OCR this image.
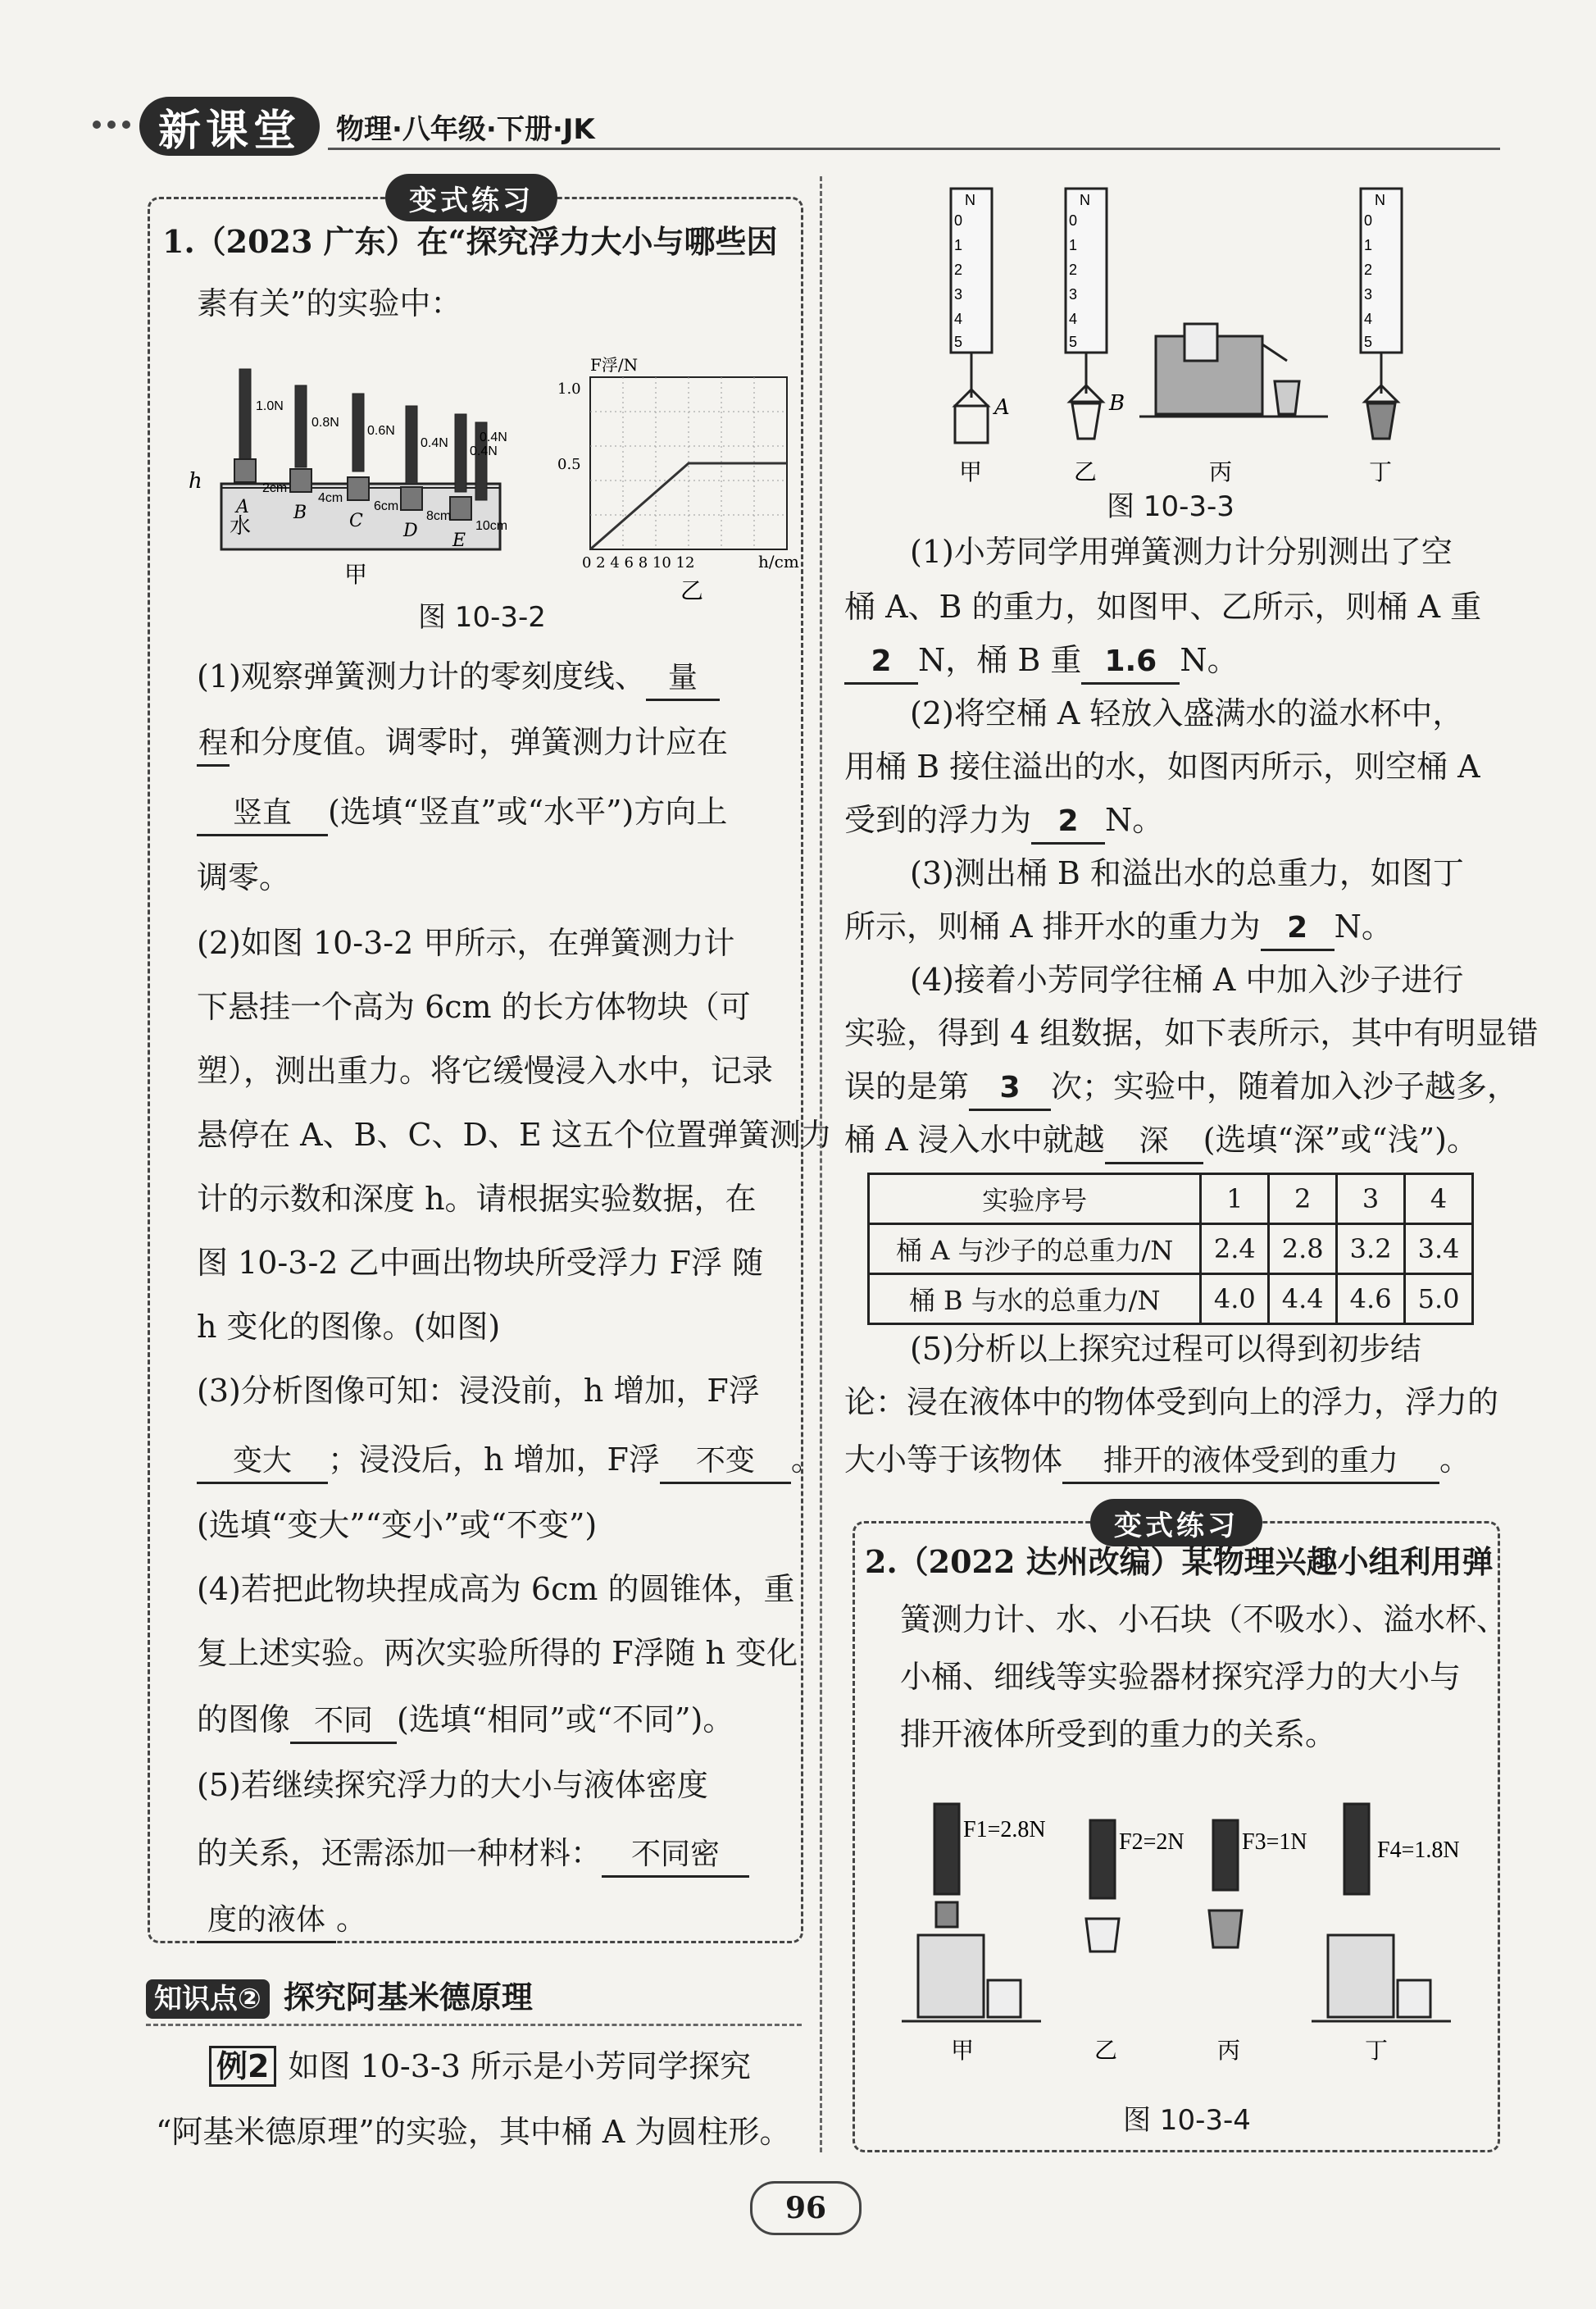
新课堂	物理·八年级·下册·JK
变式练习
1.（2023 广东）在“探究浮力大小与哪些因
素有关”的实验中：
水
h
1.0N
0.8N
0.6N
0.4N
0.4N
0.4N
2cm
4cm
6cm
8cm
10cm
A B C D E
甲
F浮/N
h/cm
1.0
0.5
0 2 4 6 8 10 12
乙
图 10-3-2
(1)观察弹簧测力计的零刻度线、 量
程和分度值。调零时，弹簧测力计应在
竖直 (选填“竖直”或“水平”)方向上
调零。
(2)如图 10-3-2 甲所示，在弹簧测力计
下悬挂一个高为 6cm 的长方体物块（可
塑），测出重力。将它缓慢浸入水中，记录
悬停在 A、B、C、D、E 这五个位置弹簧测力
计的示数和深度 h。请根据实验数据，在
图 10-3-2 乙中画出物块所受浮力 F浮 随
h 变化的图像。(如图)
(3)分析图像可知：浸没前，h 增加，F浮
变大 ；浸没后，h 增加，F浮 不变 。
(选填“变大”“变小”或“不变”)
(4)若把此物块捏成高为 6cm 的圆锥体，重
复上述实验。两次实验所得的 F浮随 h 变化
的图像 不同 (选填“相同”或“不同”)。
(5)若继续探究浮力的大小与液体密度
的关系，还需添加一种材料： 不同密
度的液体 。
知识点② 探究阿基米德原理
例2 如图 10-3-3 所示是小芳同学探究
“阿基米德原理”的实验，其中桶 A 为圆柱形。
N	N	N
0
1
2
3
4
5
0
1
2
3
4
5
0
1
2
3
4
5
A	B
甲	乙	丙	丁
图 10-3-3
(1)小芳同学用弹簧测力计分别测出了空
桶 A、B 的重力，如图甲、乙所示，则桶 A 重
2 N，桶 B 重 1.6 N。
(2)将空桶 A 轻放入盛满水的溢水杯中，
用桶 B 接住溢出的水，如图丙所示，则空桶 A
受到的浮力为 2 N。
(3)测出桶 B 和溢出水的总重力，如图丁
所示，则桶 A 排开水的重力为 2 N。
(4)接着小芳同学往桶 A 中加入沙子进行
实验，得到 4 组数据，如下表所示，其中有明显错
误的是第 3 次；实验中，随着加入沙子越多，
桶 A 浸入水中就越 深 (选填“深”或“浅”)。
实验序号	1	2	3	4
桶 A 与沙子的总重力/N	2.4	2.8	3.2	3.4
桶 B 与水的总重力/N	4.0	4.4	4.6	5.0
(5)分析以上探究过程可以得到初步结
论：浸在液体中的物体受到向上的浮力，浮力的
大小等于该物体 排开的液体受到的重力 。
变式练习
2.（2022 达州改编）某物理兴趣小组利用弹
簧测力计、水、小石块（不吸水）、溢水杯、
小桶、细线等实验器材探究浮力的大小与
排开液体所受到的重力的关系。
F1=2.8N	F2=2N	F3=1N	F4=1.8N
甲	乙	丙	丁
图 10-3-4
96
